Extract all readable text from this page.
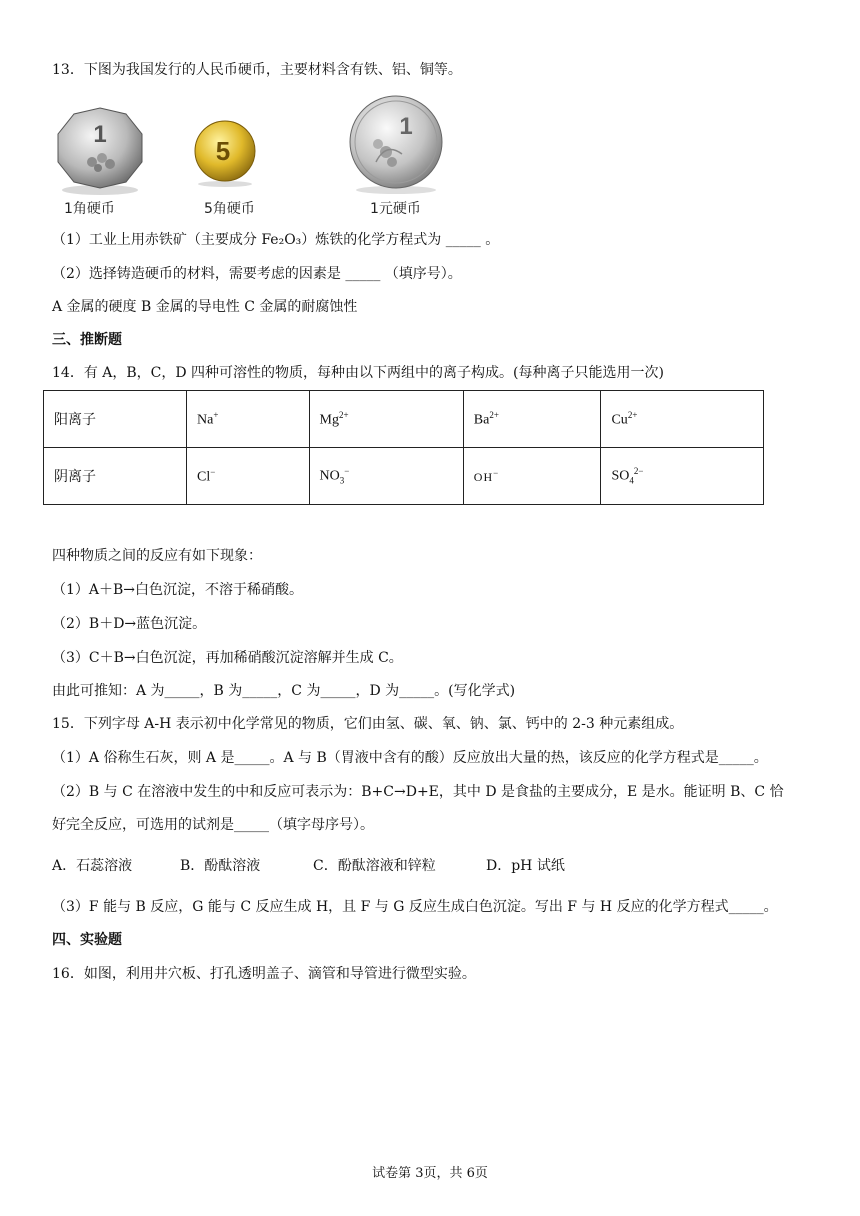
13．下图为我国发行的人民币硬币，主要材料含有铁、铝、铜等。
1
1角硬币
5
5角硬币
1
1元硬币
（1）工业上用赤铁矿（主要成分 Fe₂O₃）炼铁的化学方程式为 _____ 。
（2）选择铸造硬币的材料，需要考虑的因素是 _____ （填序号）。
A 金属的硬度 B 金属的导电性 C 金属的耐腐蚀性
三、推断题
14．有 A，B，C，D 四种可溶性的物质，每种由以下两组中的离子构成。(每种离子只能选用一次)
阳离子	Na+	$Mg^{2+}$	$Ba^{2+}$	$Cu^{2+}$
阴离子	Cl−	$NO_3^-$	OH−	$SO_4^{2-}$
四种物质之间的反应有如下现象：
（1）A＋B→白色沉淀，不溶于稀硝酸。
（2）B＋D→蓝色沉淀。
（3）C＋B→白色沉淀，再加稀硝酸沉淀溶解并生成 C。
由此可推知：A 为_____，B 为_____，C 为_____，D 为_____。(写化学式)
15．下列字母 A-H 表示初中化学常见的物质，它们由氢、碳、氧、钠、氯、钙中的 2-3 种元素组成。
（1）A 俗称生石灰，则 A 是_____。A 与 B（胃液中含有的酸）反应放出大量的热，该反应的化学方程式是_____。
（2）B 与 C 在溶液中发生的中和反应可表示为：B+C→D+E，其中 D 是食盐的主要成分，E 是水。能证明 B、C 恰
好完全反应，可选用的试剂是_____（填字母序号）。
A．石蕊溶液	B．酚酞溶液	C．酚酞溶液和锌粒	D．pH 试纸
（3）F 能与 B 反应，G 能与 C 反应生成 H，且 F 与 G 反应生成白色沉淀。写出 F 与 H 反应的化学方程式_____。
四、实验题
16．如图，利用井穴板、打孔透明盖子、滴管和导管进行微型实验。
试卷第 3页，共 6页
